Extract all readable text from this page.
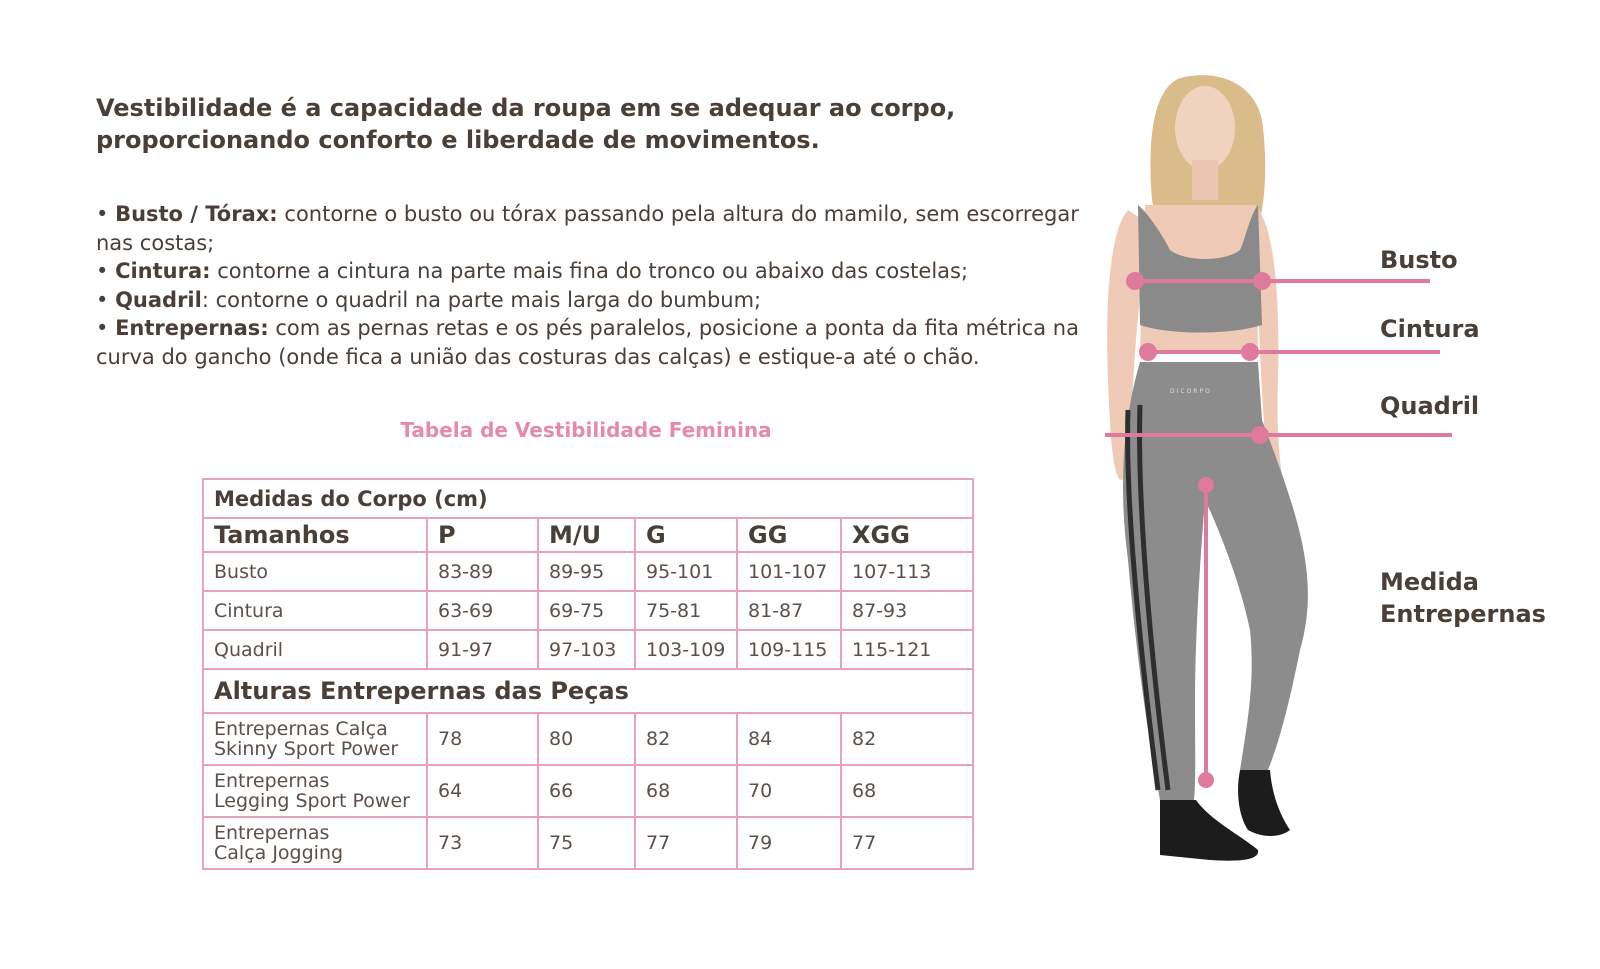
Vestibilidade é a capacidade da roupa em se adequar ao corpo,
proporcionando conforto e liberdade de movimentos.

• Busto / Tórax: contorne o busto ou tórax passando pela altura do mamilo, sem escorregar nas costas;

• Cintura: contorne a cintura na parte mais fina do tronco ou abaixo das costelas;

• Quadril: contorne o quadril na parte mais larga do bumbum;

• Entrepernas: com as pernas retas e os pés paralelos, posicione a ponta da fita métrica na curva do gancho (onde fica a união das costuras das calças) e estique-a até o chão.

Tabela de Vestibilidade Feminina
Medidas do Corpo (cm)					
Tamanhos	P	M/U	G	GG	XGG
Busto	83-89	89-95	95-101	101-107	107-113
Cintura	63-69	69-75	75-81	81-87	87-93
Quadril	91-97	97-103	103-109	109-115	115-121
Alturas Entrepernas das Peças					

Entrepernas Calça
Skinny Sport Power	78	80	82	84	82

Entrepernas
Legging Sport Power	64	66	68	70	68

Entrepernas
Calça Jogging	73	75	77	79	77
Busto
Cintura
Quadril
Medida
Entrepernas
DICORPO
